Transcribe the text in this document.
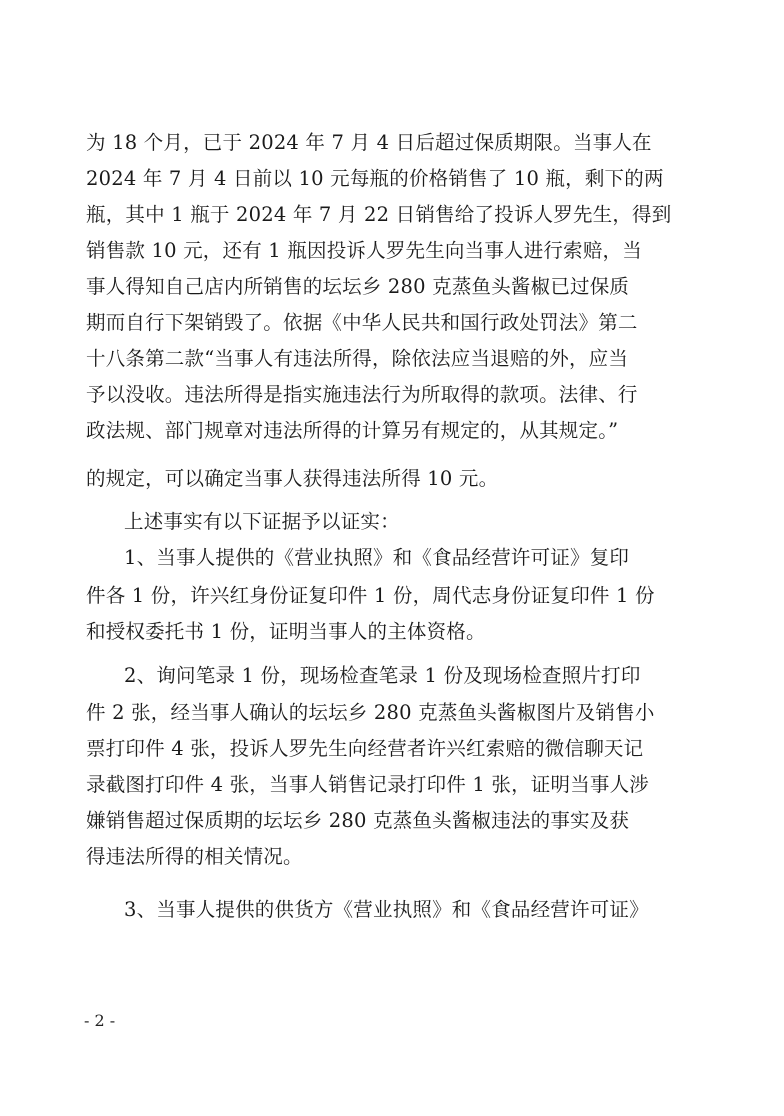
为 18 个月，已于 2024 年 7 月 4 日后超过保质期限。当事人在
2024 年 7 月 4 日前以 10 元每瓶的价格销售了 10 瓶，剩下的两
瓶，其中 1 瓶于 2024 年 7 月 22 日销售给了投诉人罗先生，得到
销售款 10 元，还有 1 瓶因投诉人罗先生向当事人进行索赔，当
事人得知自己店内所销售的坛坛乡 280 克蒸鱼头酱椒已过保质
期而自行下架销毁了。依据《中华人民共和国行政处罚法》第二
十八条第二款“当事人有违法所得，除依法应当退赔的外，应当
予以没收。违法所得是指实施违法行为所取得的款项。法律、行
政法规、部门规章对违法所得的计算另有规定的，从其规定。”
的规定，可以确定当事人获得违法所得 10 元。
上述事实有以下证据予以证实：
1、当事人提供的《营业执照》和《食品经营许可证》复印
件各 1 份，许兴红身份证复印件 1 份，周代志身份证复印件 1 份
和授权委托书 1 份，证明当事人的主体资格。
2、询问笔录 1 份，现场检查笔录 1 份及现场检查照片打印
件 2 张，经当事人确认的坛坛乡 280 克蒸鱼头酱椒图片及销售小
票打印件 4 张，投诉人罗先生向经营者许兴红索赔的微信聊天记
录截图打印件 4 张，当事人销售记录打印件 1 张，证明当事人涉
嫌销售超过保质期的坛坛乡 280 克蒸鱼头酱椒违法的事实及获
得违法所得的相关情况。
3、当事人提供的供货方《营业执照》和《食品经营许可证》
- 2 -
